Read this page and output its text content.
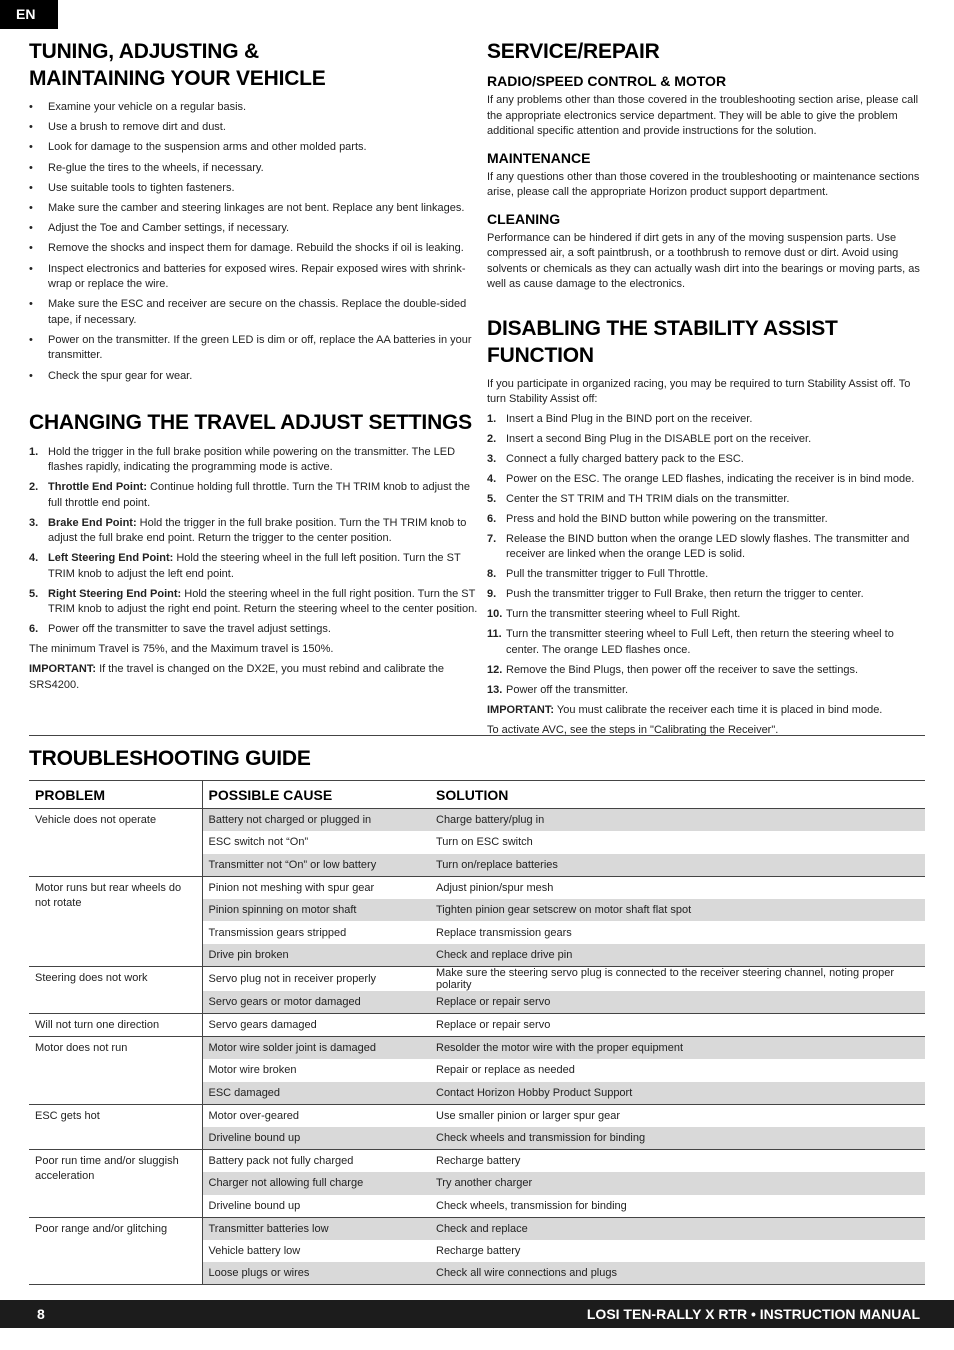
EN
TUNING, ADJUSTING &
MAINTAINING YOUR VEHICLE
• Examine your vehicle on a regular basis.
• Use a brush to remove dirt and dust.
• Look for damage to the suspension arms and other molded parts.
• Re-glue the tires to the wheels, if necessary.
• Use suitable tools to tighten fasteners.
• Make sure the camber and steering linkages are not bent. Replace any bent linkages.
• Adjust the Toe and Camber settings, if necessary.
• Remove the shocks and inspect them for damage. Rebuild the shocks if oil is leaking.
• Inspect electronics and batteries for exposed wires. Repair exposed wires with shrink-wrap or replace the wire.
• Make sure the ESC and receiver are secure on the chassis. Replace the double-sided tape, if necessary.
• Power on the transmitter. If the green LED is dim or off, replace the AA batteries in your transmitter.
• Check the spur gear for wear.
CHANGING THE TRAVEL ADJUST SETTINGS
1. Hold the trigger in the full brake position while powering on the transmitter. The LED flashes rapidly, indicating the programming mode is active.
2. Throttle End Point: Continue holding full throttle. Turn the TH TRIM knob to adjust the full throttle end point.
3. Brake End Point: Hold the trigger in the full brake position. Turn the TH TRIM knob to adjust the full brake end point. Return the trigger to the center position.
4. Left Steering End Point: Hold the steering wheel in the full left position. Turn the ST TRIM knob to adjust the left end point.
5. Right Steering End Point: Hold the steering wheel in the full right position. Turn the ST TRIM knob to adjust the right end point. Return the steering wheel to the center position.
6. Power off the transmitter to save the travel adjust settings.

The minimum Travel is 75%, and the Maximum travel is 150%.

IMPORTANT: If the travel is changed on the DX2E, you must rebind and calibrate the SRS4200.

SERVICE/REPAIR
RADIO/SPEED CONTROL & MOTOR

If any problems other than those covered in the troubleshooting section arise, please call the appropriate electronics service department. They will be able to give the problem additional specific attention and provide instructions for the solution.

MAINTENANCE

If any questions other than those covered in the troubleshooting or maintenance sections arise, please call the appropriate Horizon product support department.

CLEANING

Performance can be hindered if dirt gets in any of the moving suspension parts. Use compressed air, a soft paintbrush, or a toothbrush to remove dust or dirt. Avoid using solvents or chemicals as they can actually wash dirt into the bearings or moving parts, as well as cause damage to the electronics.

DISABLING THE STABILITY ASSIST FUNCTION

If you participate in organized racing, you may be required to turn Stability Assist off. To turn Stability Assist off:

1. Insert a Bind Plug in the BIND port on the receiver.
2. Insert a second Bing Plug in the DISABLE port on the receiver.
3. Connect a fully charged battery pack to the ESC.
4. Power on the ESC. The orange LED flashes, indicating the receiver is in bind mode.
5. Center the ST TRIM and TH TRIM dials on the transmitter.
6. Press and hold the BIND button while powering on the transmitter.
7. Release the BIND button when the orange LED slowly flashes. The transmitter and receiver are linked when the orange LED is solid.
8. Pull the transmitter trigger to Full Throttle.
9. Push the transmitter trigger to Full Brake, then return the trigger to center.
10. Turn the transmitter steering wheel to Full Right.
11. Turn the transmitter steering wheel to Full Left, then return the steering wheel to center. The orange LED flashes once.
12. Remove the Bind Plugs, then power off the receiver to save the settings.
13. Power off the transmitter.

IMPORTANT: You must calibrate the receiver each time it is placed in bind mode.

To activate AVC, see the steps in "Calibrating the Receiver".

TROUBLESHOOTING GUIDE
PROBLEM	POSSIBLE CAUSE	SOLUTION
Vehicle does not operate	Battery not charged or plugged in	Charge battery/plug in
	ESC switch not “On”	Turn on ESC switch
	Transmitter not “On” or low battery	Turn on/replace batteries
Motor runs but rear wheels do not rotate	Pinion not meshing with spur gear	Adjust pinion/spur mesh
	Pinion spinning on motor shaft	Tighten pinion gear setscrew on motor shaft flat spot
	Transmission gears stripped	Replace transmission gears
	Drive pin broken	Check and replace drive pin
Steering does not work	Servo plug not in receiver properly	Make sure the steering servo plug is connected to the receiver steering channel, noting proper polarity
	Servo gears or motor damaged	Replace or repair servo
Will not turn one direction	Servo gears damaged	Replace or repair servo
Motor does not run	Motor wire solder joint is damaged	Resolder the motor wire with the proper equipment
	Motor wire broken	Repair or replace as needed
	ESC damaged	Contact Horizon Hobby Product Support
ESC gets hot	Motor over-geared	Use smaller pinion or larger spur gear
	Driveline bound up	Check wheels and transmission for binding
Poor run time and/or sluggish acceleration	Battery pack not fully charged	Recharge battery
	Charger not allowing full charge	Try another charger
	Driveline bound up	Check wheels, transmission for binding
Poor range and/or glitching	Transmitter batteries low	Check and replace
	Vehicle battery low	Recharge battery
	Loose plugs or wires	Check all wire connections and plugs
8	LOSI TEN-RALLY X RTR • INSTRUCTION MANUAL
